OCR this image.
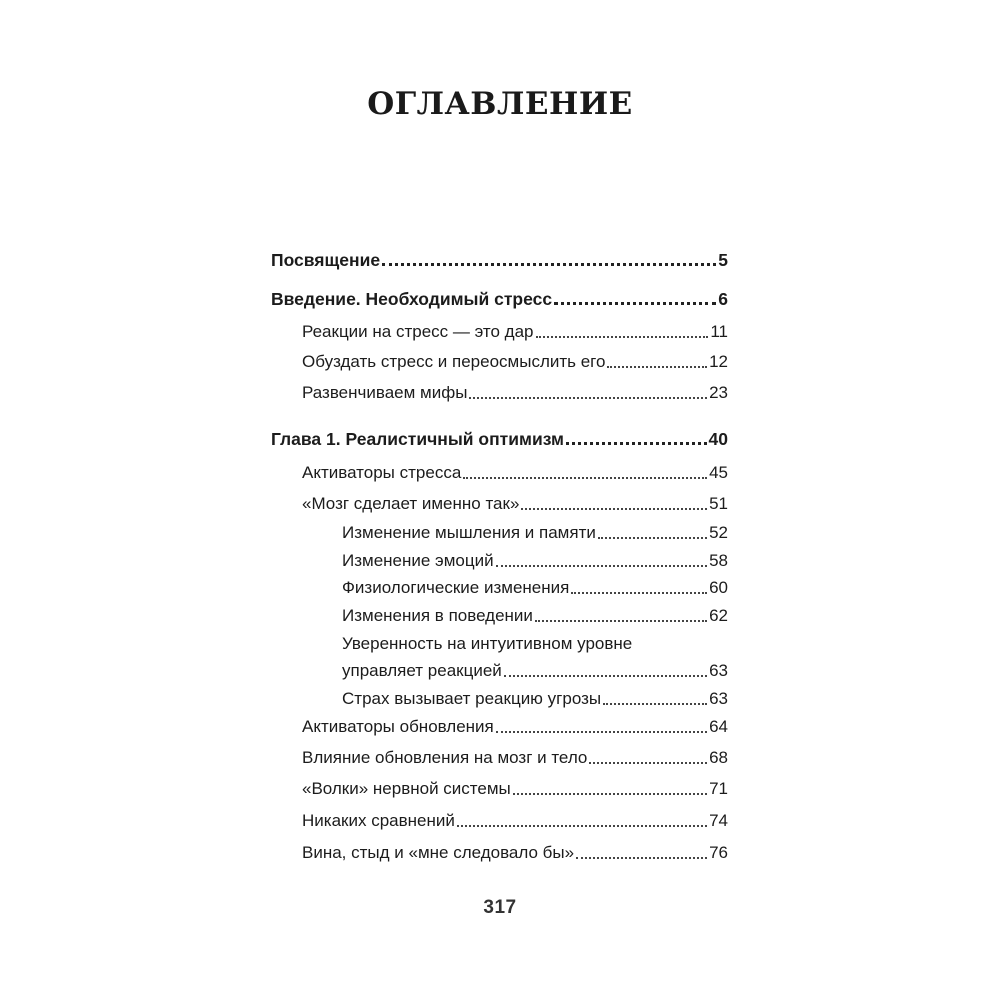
ОГЛАВЛЕНИЕ
Посвящение	5
Введение. Необходимый стресс	6
Реакции на стресс — это дар	11
Обуздать стресс и переосмыслить его	12
Развенчиваем мифы	23
Глава 1. Реалистичный оптимизм	40
Активаторы стресса	45
«Мозг сделает именно так»	51
Изменение мышления и памяти	52
Изменение эмоций	58
Физиологические изменения	60
Изменения в поведении	62
Уверенность на интуитивном уровне
управляет реакцией	63
Страх вызывает реакцию угрозы	63
Активаторы обновления	64
Влияние обновления на мозг и тело	68
«Волки» нервной системы	71
Никаких сравнений	74
Вина, стыд и «мне следовало бы»	76
317
